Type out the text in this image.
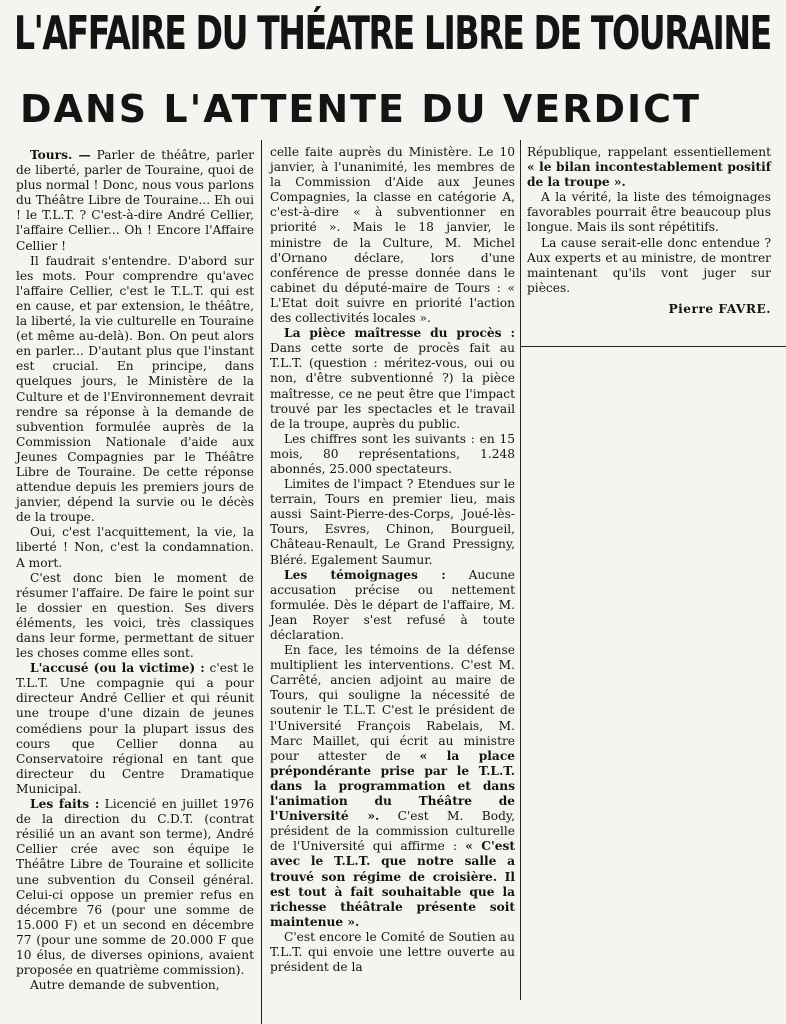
L'AFFAIRE DU THÉATRE LIBRE DE TOURAINE
DANS L'ATTENTE DU VERDICT

Tours. — Parler de théâtre, parler de liberté, parler de Touraine, quoi de plus normal ! Donc, nous vous parlons du Théâtre Libre de Touraine... Eh oui ! le T.L.T. ? C'est-à-dire André Cellier, l'affaire Cellier... Oh ! Encore l'Affaire Cellier !

Il faudrait s'entendre. D'abord sur les mots. Pour comprendre qu'avec l'affaire Cellier, c'est le T.L.T. qui est en cause, et par extension, le théâtre, la liberté, la vie culturelle en Touraine (et même au-delà). Bon. On peut alors en parler... D'autant plus que l'instant est crucial. En principe, dans quelques jours, le Ministère de la Culture et de l'Environnement devrait rendre sa réponse à la demande de subvention formulée auprès de la Commission Nationale d'aide aux Jeunes Compagnies par le Théâtre Libre de Touraine. De cette réponse attendue depuis les premiers jours de janvier, dépend la survie ou le décès de la troupe.

Oui, c'est l'acquittement, la vie, la liberté ! Non, c'est la condamnation. A mort.

C'est donc bien le moment de résumer l'affaire. De faire le point sur le dossier en question. Ses divers éléments, les voici, très classiques dans leur forme, permettant de situer les choses comme elles sont.

L'accusé (ou la victime) : c'est le T.L.T. Une compagnie qui a pour directeur André Cellier et qui réunit une troupe d'une dizain de jeunes comédiens pour la plupart issus des cours que Cellier donna au Conservatoire régional en tant que directeur du Centre Dramatique Municipal.

Les faits : Licencié en juillet 1976 de la direction du C.D.T. (contrat résilié un an avant son terme), André Cellier crée avec son équipe le Théâtre Libre de Touraine et sollicite une subvention du Conseil général. Celui-ci oppose un premier refus en décembre 76 (pour une somme de 15.000 F) et un second en décembre 77 (pour une somme de 20.000 F que 10 élus, de diverses opinions, avaient proposée en quatrième commission).

Autre demande de subvention,

celle faite auprès du Ministère. Le 10 janvier, à l'unanimité, les membres de la Commission d'Aide aux Jeunes Compagnies, la classe en catégorie A, c'est-à-dire « à subventionner en priorité ». Mais le 18 janvier, le ministre de la Culture, M. Michel d'Ornano déclare, lors d'une conférence de presse donnée dans le cabinet du député-maire de Tours : « L'Etat doit suivre en priorité l'action des collectivités locales ».

La pièce maîtresse du procès : Dans cette sorte de procès fait au T.L.T. (question : méritez-vous, oui ou non, d'être subventionné ?) la pièce maîtresse, ce ne peut être que l'impact trouvé par les spectacles et le travail de la troupe, auprès du public.

Les chiffres sont les suivants : en 15 mois, 80 représentations, 1.248 abonnés, 25.000 spectateurs.

Limites de l'impact ? Etendues sur le terrain, Tours en premier lieu, mais aussi Saint-Pierre-des-Corps, Joué-lès-Tours, Esvres, Chinon, Bourgueil, Château-Renault, Le Grand Pressigny, Bléré. Egalement Saumur.

Les témoignages : Aucune accusation précise ou nettement formulée. Dès le départ de l'affaire, M. Jean Royer s'est refusé à toute déclaration.

En face, les témoins de la défense multiplient les interventions. C'est M. Carrêté, ancien adjoint au maire de Tours, qui souligne la nécessité de soutenir le T.L.T. C'est le président de l'Université François Rabelais, M. Marc Maillet, qui écrit au ministre pour attester de « la place prépondérante prise par le T.L.T. dans la programmation et dans l'animation du Théâtre de l'Université ». C'est M. Body, président de la commission culturelle de l'Université qui affirme : « C'est avec le T.L.T. que notre salle a trouvé son régime de croisière. Il est tout à fait souhaitable que la richesse théâtrale présente soit maintenue ».

C'est encore le Comité de Soutien au T.L.T. qui envoie une lettre ouverte au président de la

République, rappelant essentiellement « le bilan incontestablement positif de la troupe ».

A la vérité, la liste des témoignages favorables pourrait être beaucoup plus longue. Mais ils sont répétitifs.

La cause serait-elle donc entendue ? Aux experts et au ministre, de montrer maintenant qu'ils vont juger sur pièces.

Pierre FAVRE.
